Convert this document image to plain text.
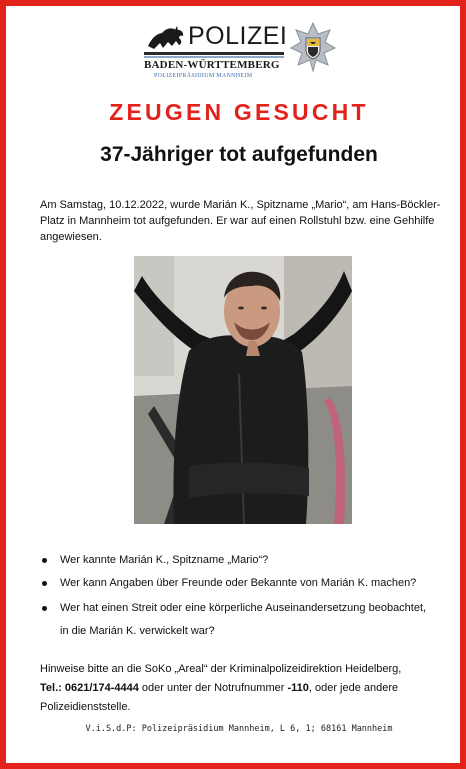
POLIZEI
BADEN-WÜRTTEMBERG
POLIZEIPRÄSIDIUM MANNHEIM
ZEUGEN GESUCHT
37-Jähriger tot aufgefunden
Am Samstag, 10.12.2022, wurde Marián K., Spitzname „Mario“, am Hans-Böckler-Platz in Mannheim tot aufgefunden. Er war auf einen Rollstuhl bzw. eine Gehhilfe angewiesen.
Wer kannte Marián K., Spitzname „Mario“?
Wer kann Angaben über Freunde oder Bekannte von Marián K. machen?
Wer hat einen Streit oder eine körperliche Auseinandersetzung beobachtet,
in die Marián K. verwickelt war?
Hinweise bitte an die SoKo „Areal“ der Kriminalpolizeidirektion Heidelberg,
Tel.: 0621/174-4444 oder unter der Notrufnummer -110, oder jede andere
Polizeidienststelle.
V.i.S.d.P: Polizeipräsidium Mannheim, L 6, 1; 68161 Mannheim
